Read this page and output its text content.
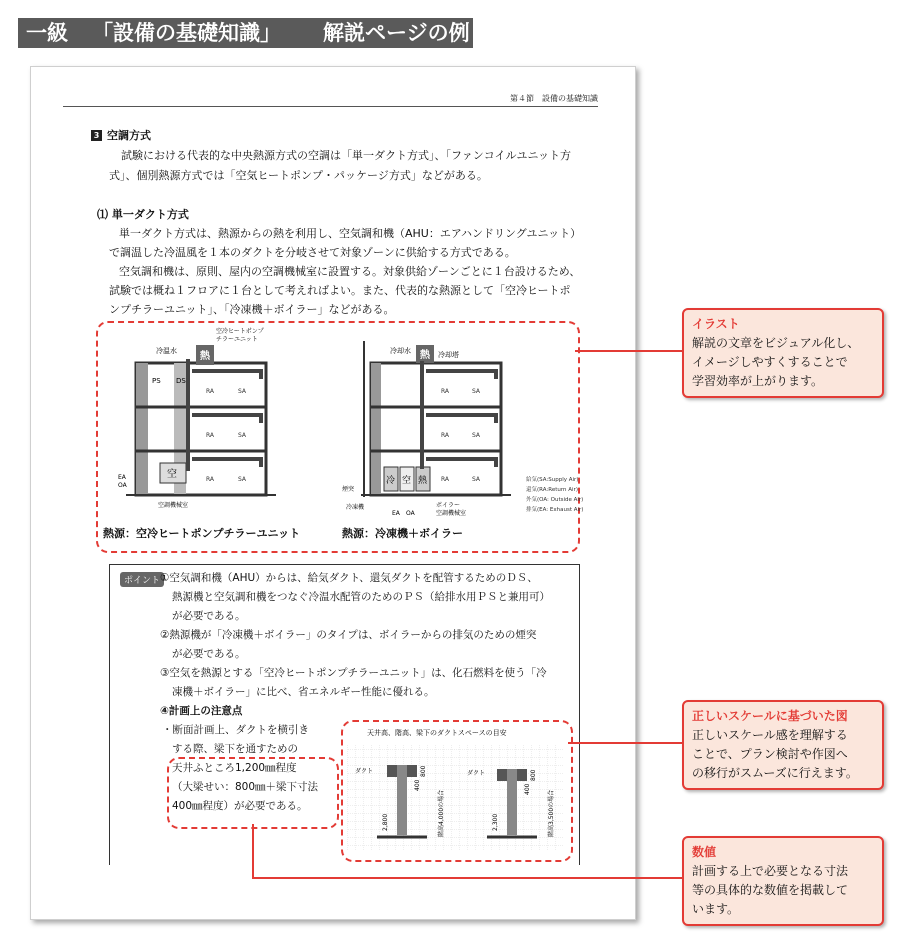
一級 「設備の基礎知識」 解説ページの例
第４節　設備の基礎知識
3 空調方式
試験における代表的な中央熱源方式の空調は「単一ダクト方式」、「ファンコイルユニット方
式」、個別熱源方式では「空気ヒートポンプ・パッケージ方式」などがある。
⑴ 単一ダクト方式
単一ダクト方式は、熱源からの熱を利用し、空気調和機（AHU：エアハンドリングユニット）
で調温した冷温風を１本のダクトを分岐させて対象ゾーンに供給する方式である。
空気調和機は、原則、屋内の空調機械室に設置する。対象供給ゾーンごとに１台設けるため、
試験では概ね１フロアに１台として考えればよい。また、代表的な熱源として「空冷ヒートポ
ンプチラーユニット」、「冷凍機＋ボイラー」などがある。
PS DS
熱
空冷ヒートポンプ
チラーユニット
冷温水
空
EA
OA
空調機械室
RA	SA
RA	SA
RA	SA
熱
冷却水	冷却塔
冷 空 熱
煙突
冷凍機	ボイラー
空調機械室
EA OA
RA	SA
RA	SA
RA	SA	給気(SA:Supply Air)
還気(RA:Return Air)
外気(OA: Outside Air)
排気(EA: Exhaust Air)
熱源：空冷ヒートポンプチラーユニット	熱源：冷凍機＋ボイラー
ポイント ①空気調和機（AHU）からは、給気ダクト、還気ダクトを配管するためのＤＳ、
熱源機と空気調和機をつなぐ冷温水配管のためのＰＳ（給排水用ＰＳと兼用可）
が必要である。
②熱源機が「冷凍機＋ボイラー」のタイプは、ボイラーからの排気のための煙突
が必要である。
③空気を熱源とする「空冷ヒートポンプチラーユニット」は、化石燃料を使う「冷
凍機＋ボイラー」に比べ、省エネルギー性能に優れる。
④計画上の注意点
・断面計画上、ダクトを横引き
する際、梁下を通すための
天井ふところ1,200㎜程度
（大梁せい：800㎜＋梁下寸法
400㎜程度）が必要である。
天井高、階高、梁下のダクトスペースの目安
ダクト	800
400
2,800	階高4,000の場合
ダクト	800
400
2,300	階高3,500の場合
イラスト
解説の文章をビジュアル化し、
イメージしやすくすることで
学習効率が上がります。
正しいスケールに基づいた図
正しいスケール感を理解する
ことで、プラン検討や作図へ
の移行がスムーズに行えます。
数値
計画する上で必要となる寸法
等の具体的な数値を掲載して
います。
